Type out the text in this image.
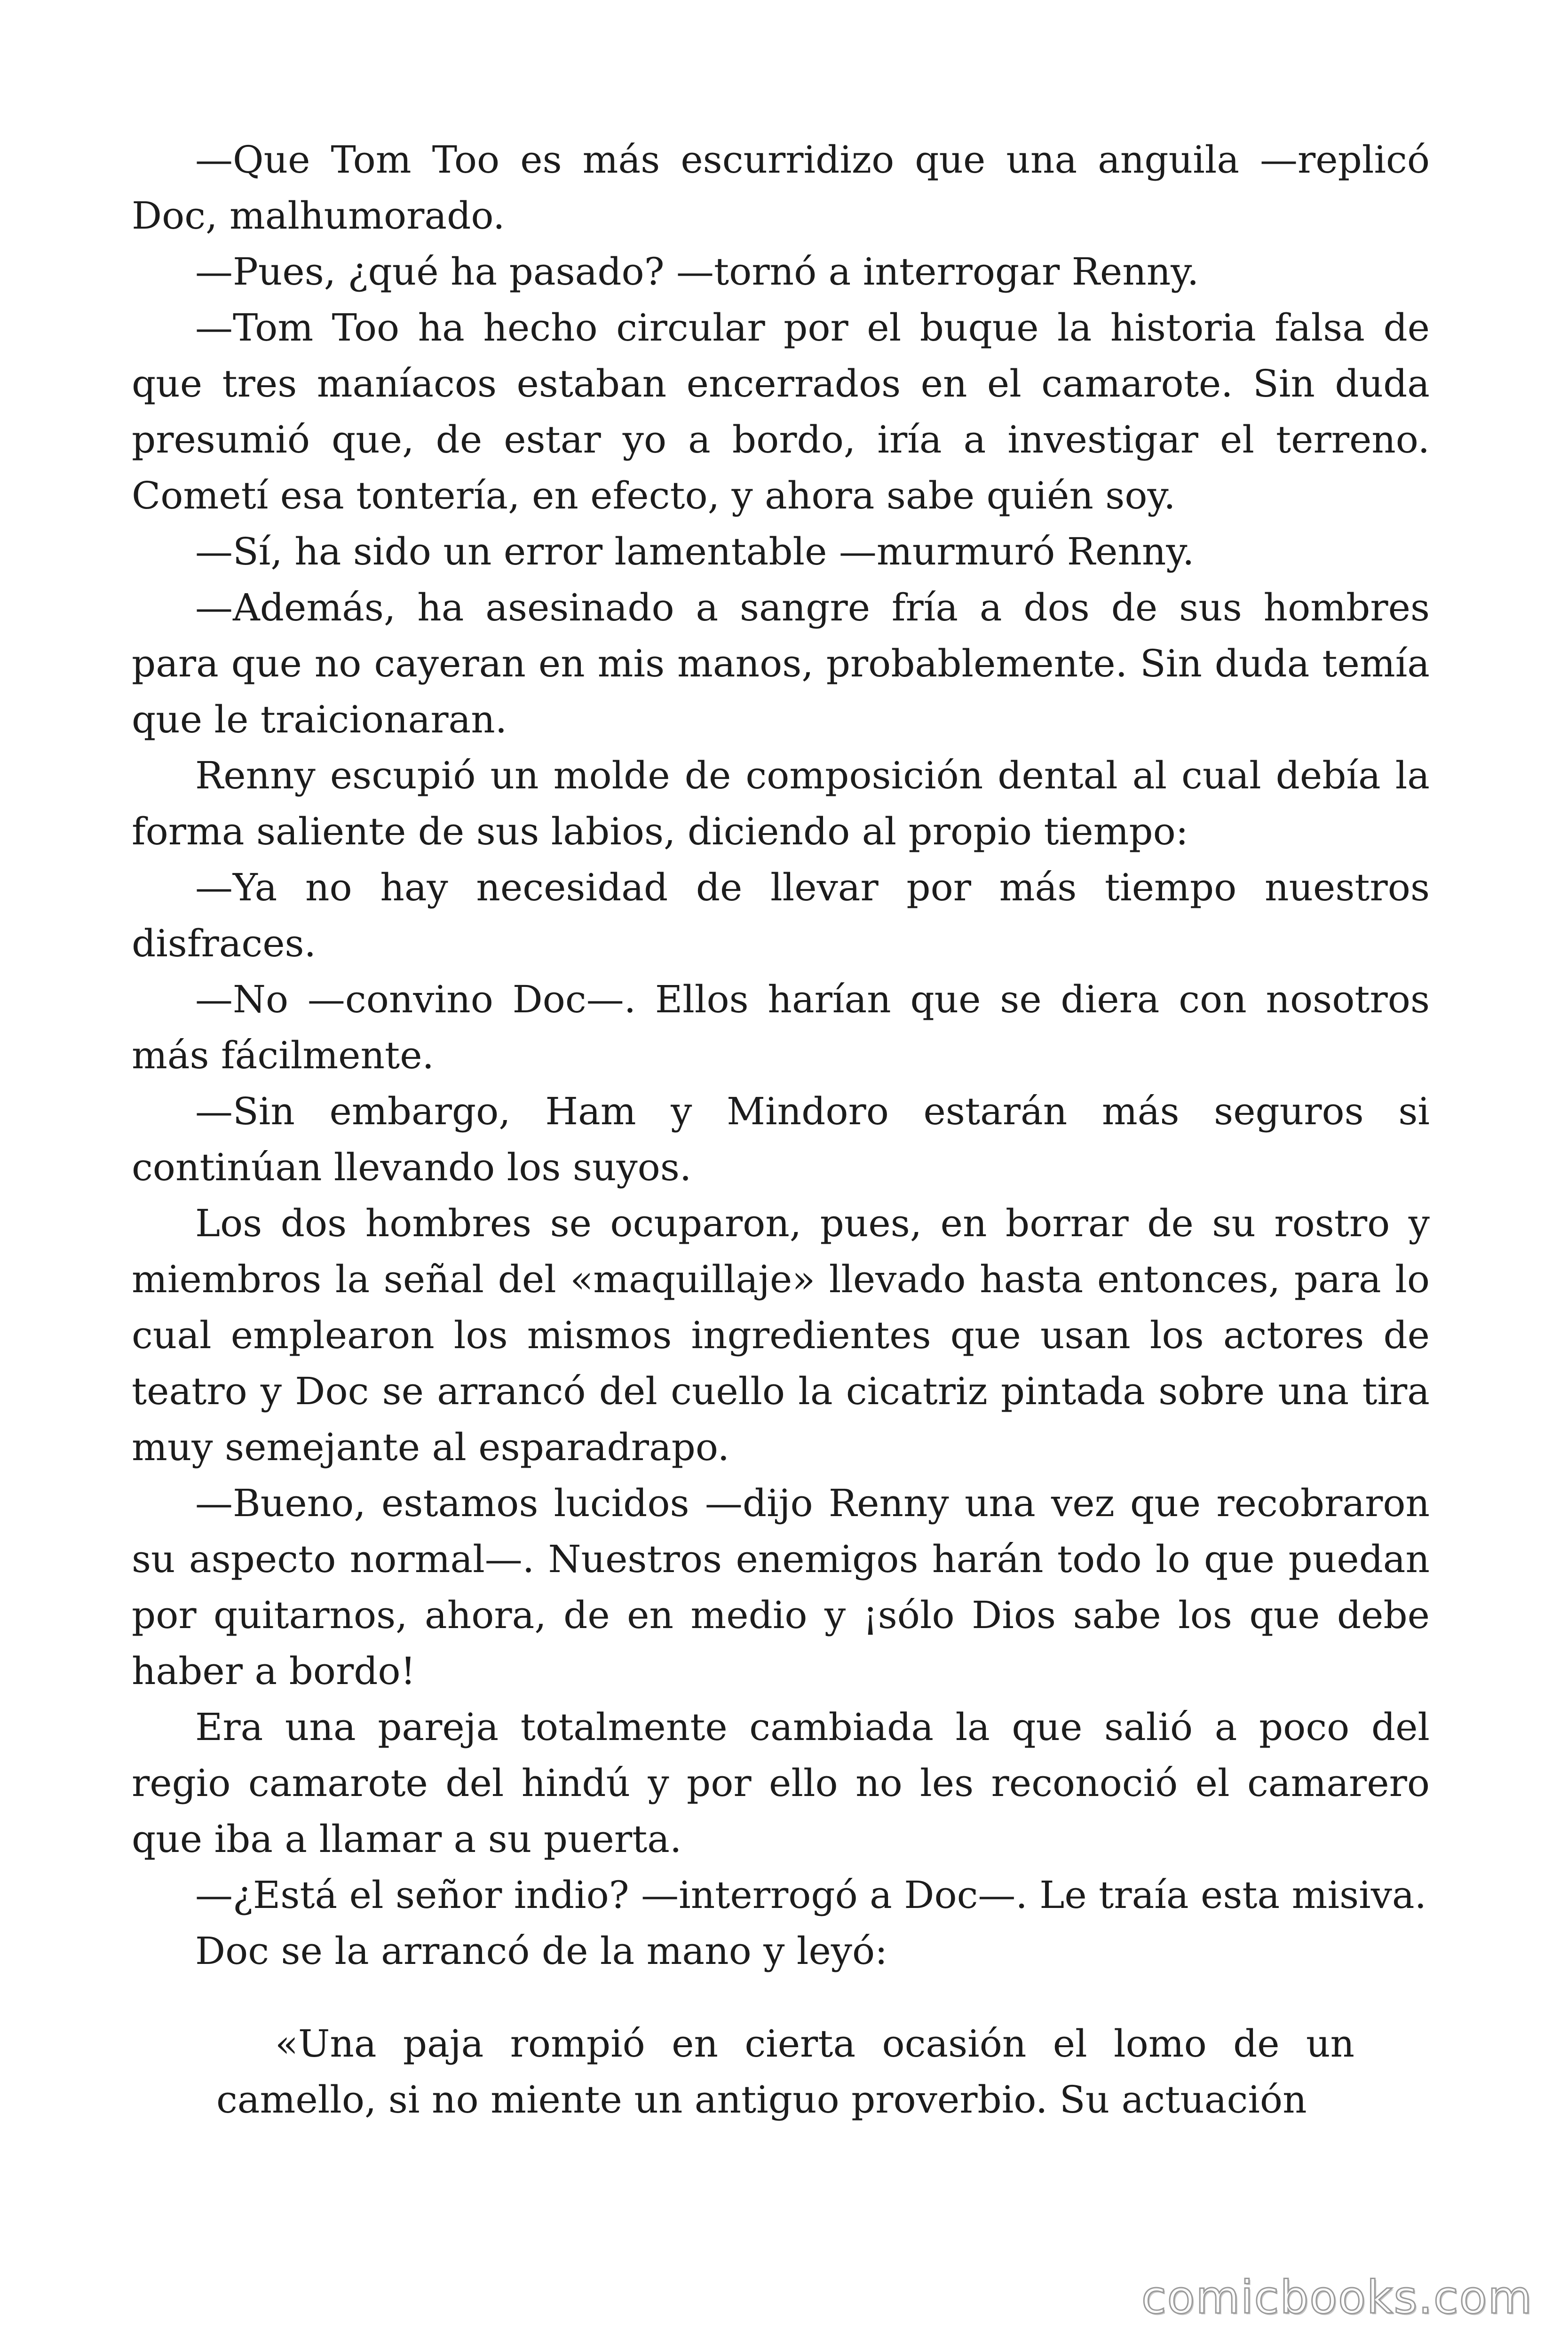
—Que Tom Too es más escurridizo que una anguila —replicó Doc, malhumorado.

—Pues, ¿qué ha pasado? —tornó a interrogar Renny.

—Tom Too ha hecho circular por el buque la historia falsa de que tres maníacos estaban encerrados en el camarote. Sin duda presumió que, de estar yo a bordo, iría a investigar el terreno. Cometí esa tontería, en efecto, y ahora sabe quién soy.

—Sí, ha sido un error lamentable —murmuró Renny.

—Además, ha asesinado a sangre fría a dos de sus hombres para que no cayeran en mis manos, probablemente. Sin duda temía que le traicionaran.

Renny escupió un molde de composición dental al cual debía la forma saliente de sus labios, diciendo al propio tiempo:

—Ya no hay necesidad de llevar por más tiempo nuestros disfraces.

—No —convino Doc—. Ellos harían que se diera con nosotros más fácilmente.

—Sin embargo, Ham y Mindoro estarán más seguros si continúan llevando los suyos.

Los dos hombres se ocuparon, pues, en borrar de su rostro y miembros la señal del «maquillaje» llevado hasta entonces, para lo cual emplearon los mismos ingredientes que usan los actores de teatro y Doc se arrancó del cuello la cicatriz pintada sobre una tira muy semejante al esparadrapo.

—Bueno, estamos lucidos —dijo Renny una vez que recobraron su aspecto normal—. Nuestros enemigos harán todo lo que puedan por quitarnos, ahora, de en medio y ¡sólo Dios sabe los que debe haber a bordo!

Era una pareja totalmente cambiada la que salió a poco del regio camarote del hindú y por ello no les reconoció el camarero que iba a llamar a su puerta.

—¿Está el señor indio? —interrogó a Doc—. Le traía esta misiva.

Doc se la arrancó de la mano y leyó:

«Una paja rompió en cierta ocasión el lomo de un camello, si no miente un antiguo proverbio. Su actuación

comicbooks.com
